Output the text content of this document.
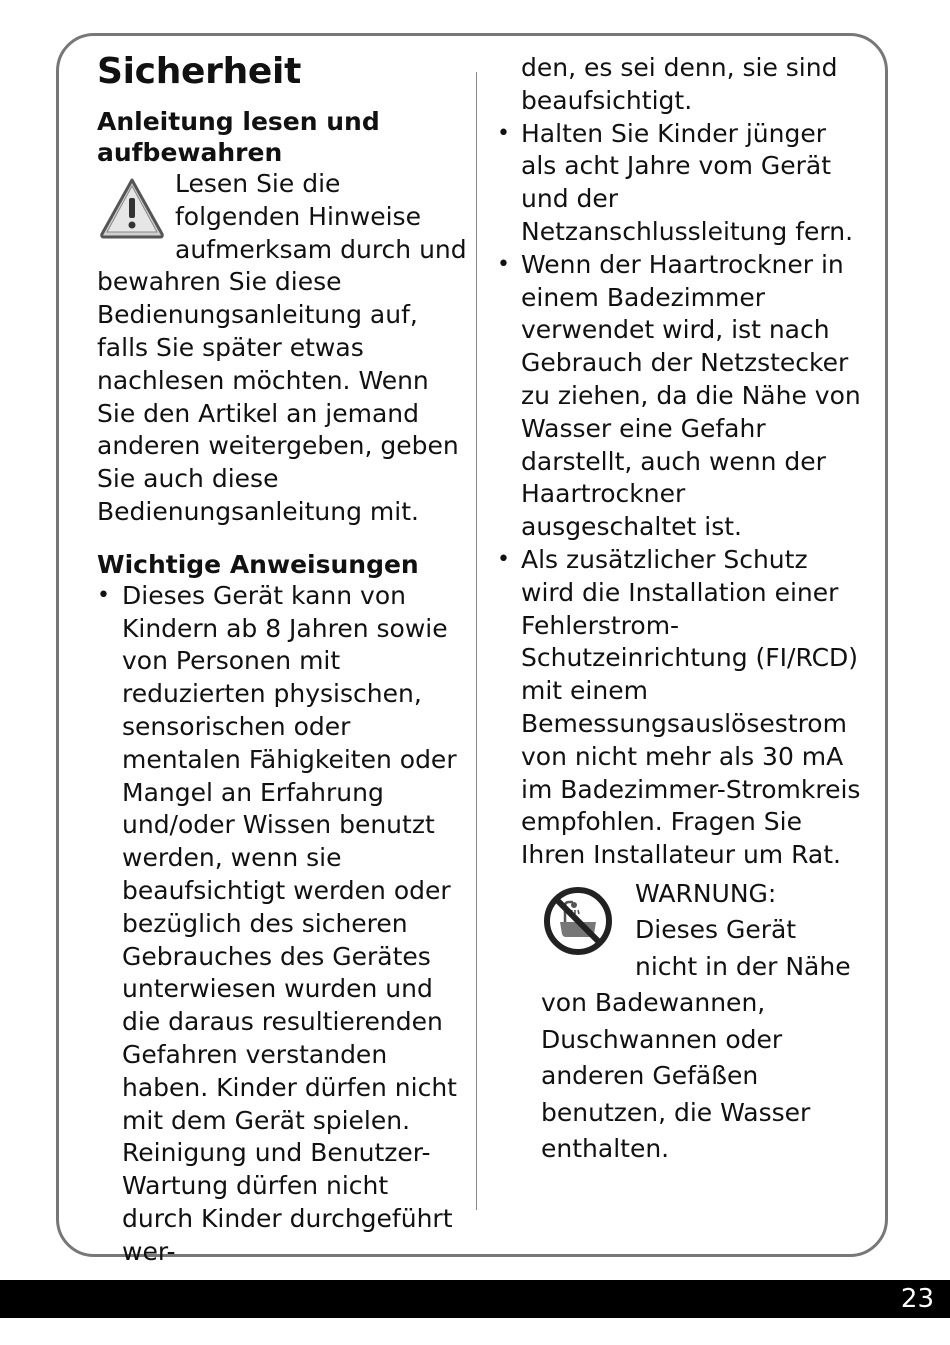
Sicherheit
Anleitung lesen und
aufbewahren

Lesen Sie die folgenden Hinweise aufmerksam durch und bewahren Sie diese Bedienungsanleitung auf, falls Sie später etwas nachlesen möchten. Wenn Sie den Artikel an jemand anderen weitergeben, geben Sie auch diese Bedienungsanleitung mit.

Wichtige Anweisungen
• Dieses Gerät kann von Kindern ab 8 Jahren sowie von Personen mit reduzierten physischen, sensorischen oder mentalen Fähigkeiten oder Mangel an Erfahrung und/oder Wissen benutzt werden, wenn sie beaufsichtigt werden oder bezüglich des sicheren Gebrauches des Gerätes unterwiesen wurden und die daraus resultierenden Gefahren verstanden haben. Kinder dürfen nicht mit dem Gerät spielen. Reinigung und Benutzer-Wartung dürfen nicht durch Kinder durchgeführt wer-

den, es sei denn, sie sind beaufsichtigt.

• Halten Sie Kinder jünger als acht Jahre vom Gerät und der Netzanschlussleitung fern.
• Wenn der Haartrockner in einem Badezimmer verwendet wird, ist nach Gebrauch der Netzstecker zu ziehen, da die Nähe von Wasser eine Gefahr darstellt, auch wenn der Haartrockner ausgeschaltet ist.
• Als zusätzlicher Schutz wird die Installation einer Fehlerstrom-Schutzeinrichtung (FI/RCD) mit einem Bemessungsauslösestrom von nicht mehr als 30 mA im Badezimmer-Stromkreis empfohlen. Fragen Sie Ihren Installateur um Rat.

WARNUNG: Dieses Gerät nicht in der Nähe von Badewannen, Duschwannen oder anderen Gefäßen benutzen, die Wasser enthalten.

23
